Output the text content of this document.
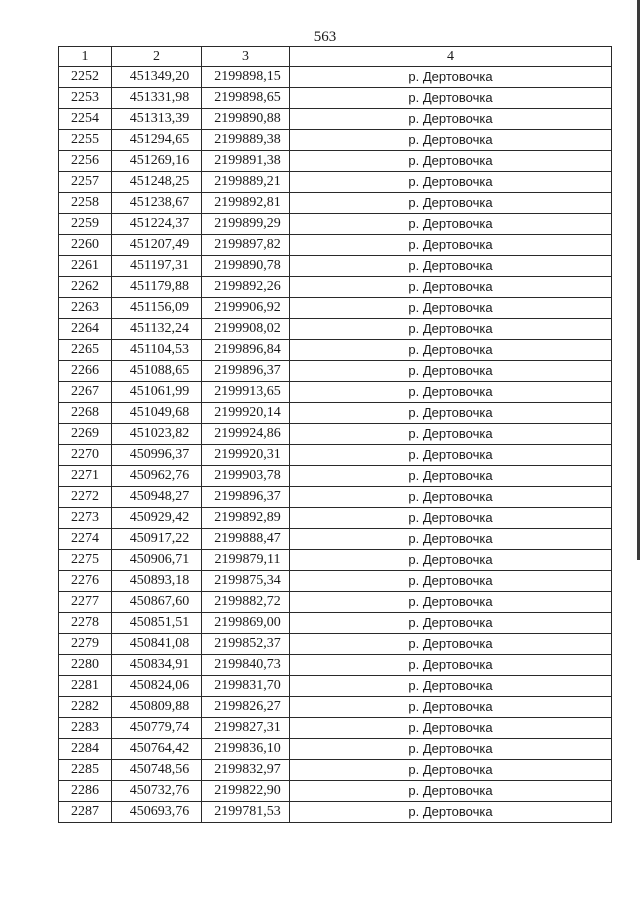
563
1	2	3	4
2252	451349,20	2199898,15	р. Дертовочка
2253	451331,98	2199898,65	р. Дертовочка
2254	451313,39	2199890,88	р. Дертовочка
2255	451294,65	2199889,38	р. Дертовочка
2256	451269,16	2199891,38	р. Дертовочка
2257	451248,25	2199889,21	р. Дертовочка
2258	451238,67	2199892,81	р. Дертовочка
2259	451224,37	2199899,29	р. Дертовочка
2260	451207,49	2199897,82	р. Дертовочка
2261	451197,31	2199890,78	р. Дертовочка
2262	451179,88	2199892,26	р. Дертовочка
2263	451156,09	2199906,92	р. Дертовочка
2264	451132,24	2199908,02	р. Дертовочка
2265	451104,53	2199896,84	р. Дертовочка
2266	451088,65	2199896,37	р. Дертовочка
2267	451061,99	2199913,65	р. Дертовочка
2268	451049,68	2199920,14	р. Дертовочка
2269	451023,82	2199924,86	р. Дертовочка
2270	450996,37	2199920,31	р. Дертовочка
2271	450962,76	2199903,78	р. Дертовочка
2272	450948,27	2199896,37	р. Дертовочка
2273	450929,42	2199892,89	р. Дертовочка
2274	450917,22	2199888,47	р. Дертовочка
2275	450906,71	2199879,11	р. Дертовочка
2276	450893,18	2199875,34	р. Дертовочка
2277	450867,60	2199882,72	р. Дертовочка
2278	450851,51	2199869,00	р. Дертовочка
2279	450841,08	2199852,37	р. Дертовочка
2280	450834,91	2199840,73	р. Дертовочка
2281	450824,06	2199831,70	р. Дертовочка
2282	450809,88	2199826,27	р. Дертовочка
2283	450779,74	2199827,31	р. Дертовочка
2284	450764,42	2199836,10	р. Дертовочка
2285	450748,56	2199832,97	р. Дертовочка
2286	450732,76	2199822,90	р. Дертовочка
2287	450693,76	2199781,53	р. Дертовочка
